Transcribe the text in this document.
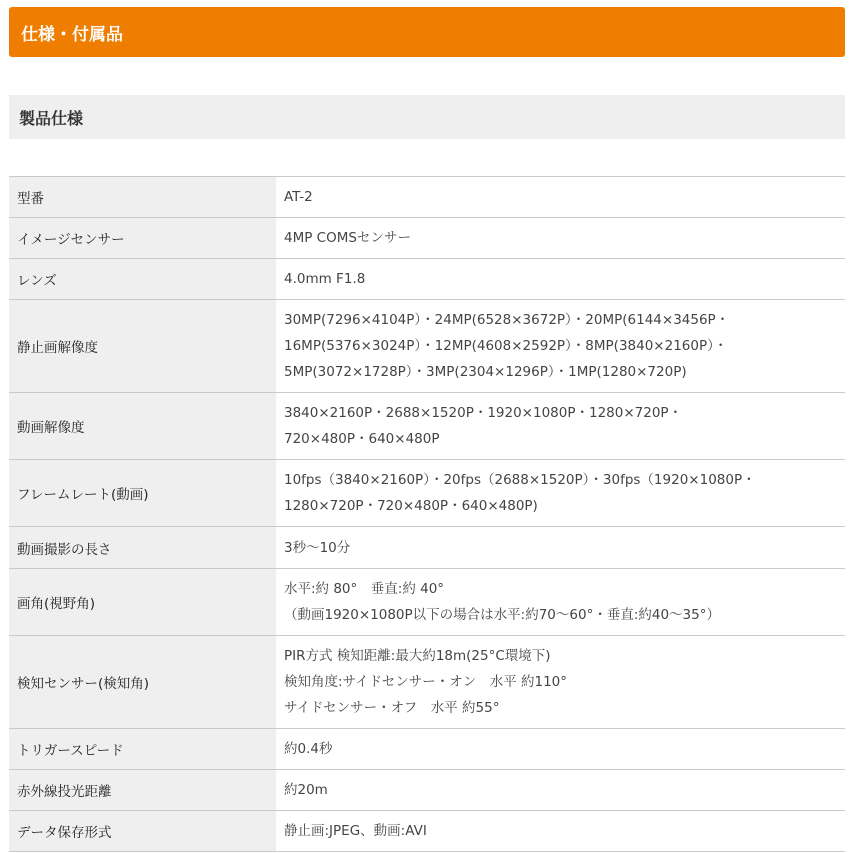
仕様・付属品
製品仕様
型番	AT-2

イメージセンサー	4MP COMSセンサー

レンズ	4.0mm F1.8

静止画解像度	30MP(7296×4104P）・24MP(6528×3672P）・20MP(6144×3456P・
16MP(5376×3024P）・12MP(4608×2592P）・8MP(3840×2160P）・
5MP(3072×1728P）・3MP(2304×1296P）・1MP(1280×720P)

動画解像度	3840×2160P・2688×1520P・1920×1080P・1280×720P・
720×480P・640×480P

フレームレート(動画)	10fps（3840×2160P）・20fps（2688×1520P）・30fps（1920×1080P・
1280×720P・720×480P・640×480P)

動画撮影の長さ	3秒～10分

画角(視野角)	水平:約 80°　垂直:約 40°
（動画1920×1080P以下の場合は水平:約70～60°・垂直:約40～35°）

検知センサー(検知角)	PIR方式 検知距離:最大約18m(25°C環境下)
検知角度:サイドセンサー・オン　水平 約110°
サイドセンサー・オフ　水平 約55°

トリガースピード	約0.4秒

赤外線投光距離	約20m

データ保存形式	静止画:JPEG、動画:AVI
